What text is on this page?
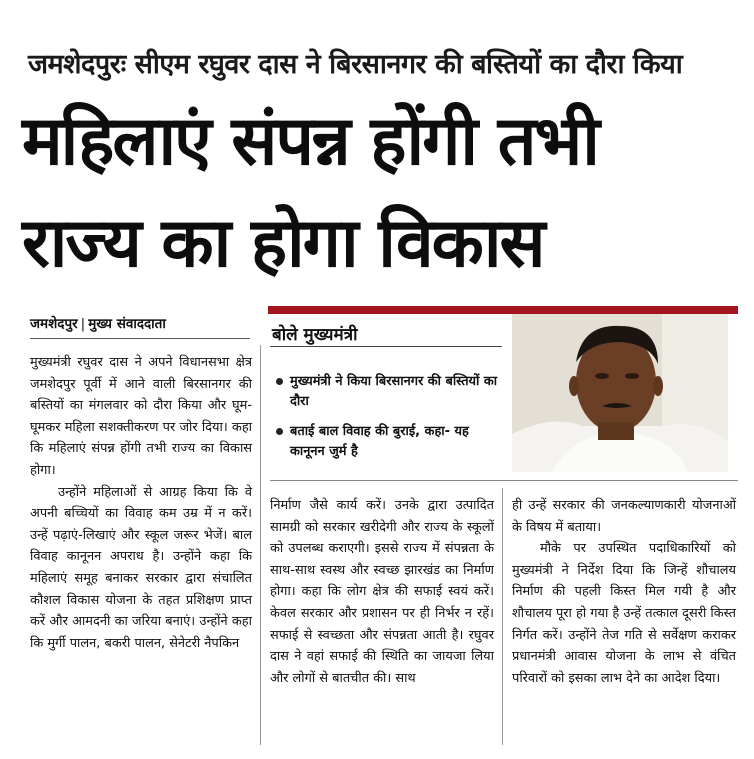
जमशेदपुरः सीएम रघुवर दास ने बिरसानगर की बस्तियों का दौरा किया
महिलाएं संपन्न होंगी तभी
राज्य का होगा विकास
जमशेदपुर | मुख्य संवाददाता

मुख्यमंत्री रघुवर दास ने अपने विधानसभा क्षेत्र जमशेदपुर पूर्वी में आने वाली बिरसानगर की बस्तियों का मंगलवार को दौरा किया और घूम-घूमकर महिला सशक्तीकरण पर जोर दिया। कहा कि महिलाएं संपन्न होंगी तभी राज्य का विकास होगा।

उन्होंने महिलाओं से आग्रह किया कि वे अपनी बच्चियों का विवाह कम उम्र में न करें। उन्हें पढ़ाएं-लिखाएं और स्कूल जरूर भेजें। बाल विवाह कानूनन अपराध है। उन्होंने कहा कि महिलाएं समूह बनाकर सरकार द्वारा संचालित कौशल विकास योजना के तहत प्रशिक्षण प्राप्त करें और आमदनी का जरिया बनाएं। उन्होंने कहा कि मुर्गी पालन, बकरी पालन, सेनेटरी नैपकिन

बोले मुख्यमंत्री
मुख्यमंत्री ने किया बिरसानगर की बस्तियों का दौरा
बताई बाल विवाह की बुराई, कहा- यह कानूनन जुर्म है

निर्माण जैसे कार्य करें। उनके द्वारा उत्पादित सामग्री को सरकार खरीदेगी और राज्य के स्कूलों को उपलब्ध कराएगी। इससे राज्य में संपन्नता के साथ-साथ स्वस्थ और स्वच्छ झारखंड का निर्माण होगा। कहा कि लोग क्षेत्र की सफाई स्वयं करें। केवल सरकार और प्रशासन पर ही निर्भर न रहें। सफाई से स्वच्छता और संपन्नता आती है। रघुवर दास ने वहां सफाई की स्थिति का जायजा लिया और लोगों से बातचीत की। साथ

ही उन्हें सरकार की जनकल्याणकारी योजनाओं के विषय में बताया।

मौके पर उपस्थित पदाधिकारियों को मुख्यमंत्री ने निर्देश दिया कि जिन्हें शौचालय निर्माण की पहली किस्त मिल गयी है और शौचालय पूरा हो गया है उन्हें तत्काल दूसरी किस्त निर्गत करें। उन्होंने तेज गति से सर्वेक्षण कराकर प्रधानमंत्री आवास योजना के लाभ से वंचित परिवारों को इसका लाभ देने का आदेश दिया।
